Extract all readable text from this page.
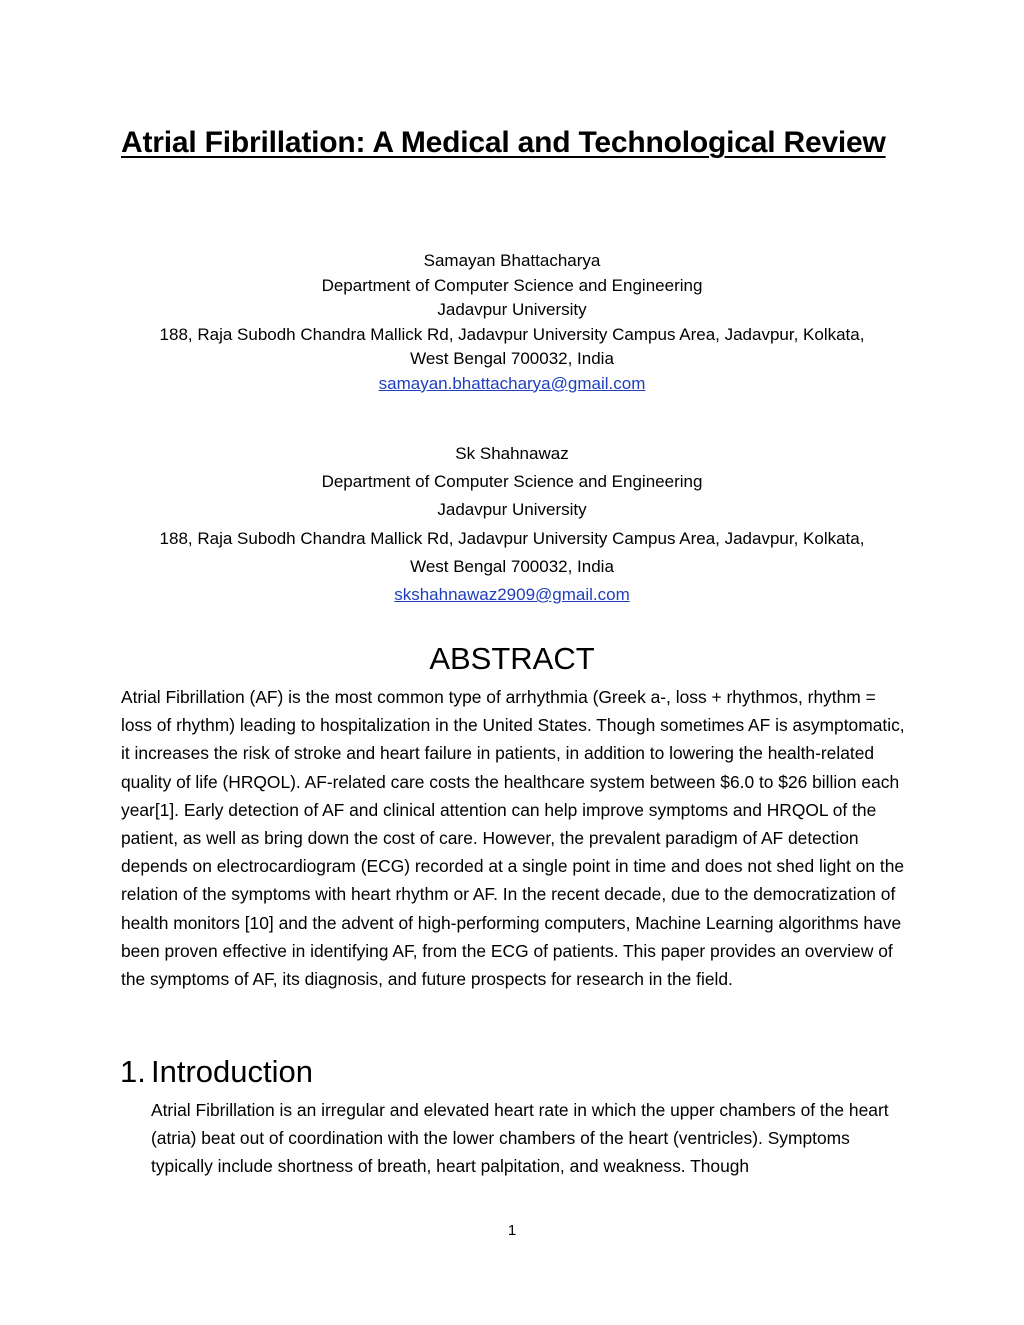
Atrial Fibrillation: A Medical and Technological Review
Samayan Bhattacharya
Department of Computer Science and Engineering
Jadavpur University
188, Raja Subodh Chandra Mallick Rd, Jadavpur University Campus Area, Jadavpur, Kolkata,
West Bengal 700032, India
samayan.bhattacharya@gmail.com
Sk Shahnawaz
Department of Computer Science and Engineering
Jadavpur University
188, Raja Subodh Chandra Mallick Rd, Jadavpur University Campus Area, Jadavpur, Kolkata,
West Bengal 700032, India
skshahnawaz2909@gmail.com
ABSTRACT

Atrial Fibrillation (AF) is the most common type of arrhythmia (Greek a-, loss + rhythmos, rhythm = loss of rhythm) leading to hospitalization in the United States. Though sometimes AF is asymptomatic, it increases the risk of stroke and heart failure in patients, in addition to lowering the health-related quality of life (HRQOL). AF-related care costs the healthcare system between $6.0 to $26 billion each year[1]. Early detection of AF and clinical attention can help improve symptoms and HRQOL of the patient, as well as bring down the cost of care. However, the prevalent paradigm of AF detection depends on electrocardiogram (ECG) recorded at a single point in time and does not shed light on the relation of the symptoms with heart rhythm or AF. In the recent decade, due to the democratization of health monitors [10] and the advent of high-performing computers, Machine Learning algorithms have been proven effective in identifying AF, from the ECG of patients. This paper provides an overview of the symptoms of AF, its diagnosis, and future prospects for research in the field.

1. Introduction

Atrial Fibrillation is an irregular and elevated heart rate in which the upper chambers of the heart (atria) beat out of coordination with the lower chambers of the heart (ventricles). Symptoms typically include shortness of breath, heart palpitation, and weakness. Though

1
